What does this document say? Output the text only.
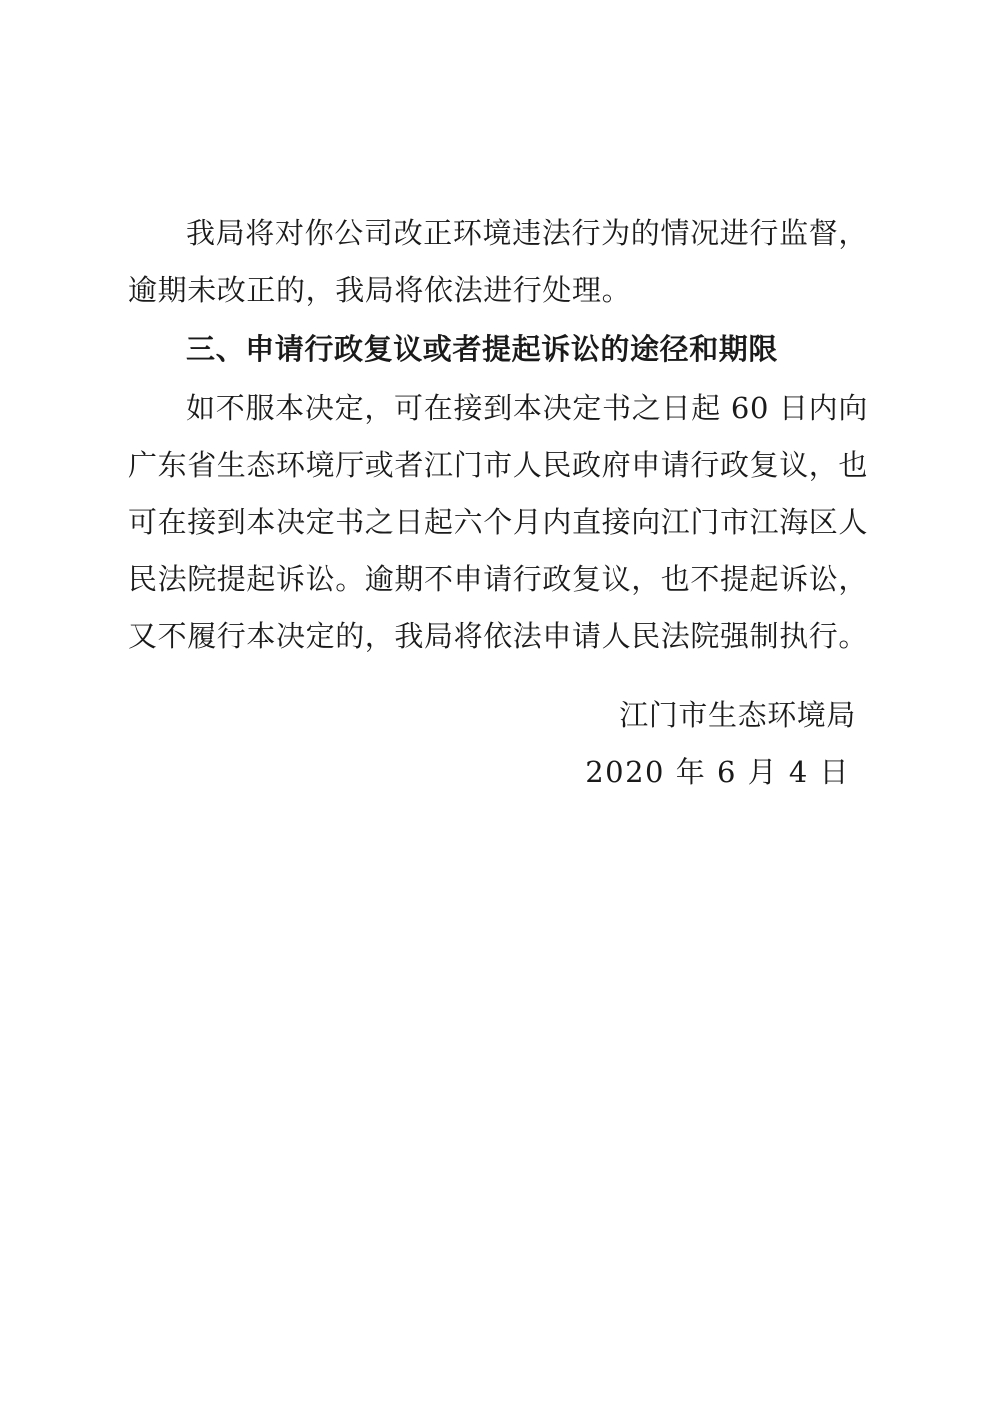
我局将对你公司改正环境违法行为的情况进行监督，逾期未改正的，我局将依法进行处理。

三、申请行政复议或者提起诉讼的途径和期限

如不服本决定，可在接到本决定书之日起 60 日内向广东省生态环境厅或者江门市人民政府申请行政复议，也可在接到本决定书之日起六个月内直接向江门市江海区人民法院提起诉讼。逾期不申请行政复议，也不提起诉讼，又不履行本决定的，我局将依法申请人民法院强制执行。

江门市生态环境局
2020 年 6 月 4 日
